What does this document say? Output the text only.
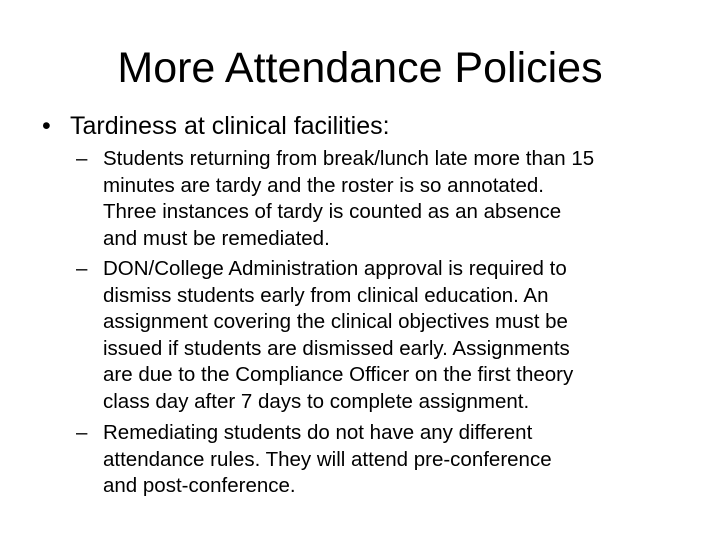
More Attendance Policies
• Tardiness at clinical facilities:
– Students returning from break/lunch late more than 15
minutes are tardy and the roster is so annotated.
Three instances of tardy is counted as an absence
and must be remediated.
– DON/College Administration approval is required to
dismiss students early from clinical education. An
assignment covering the clinical objectives must be
issued if students are dismissed early. Assignments
are due to the Compliance Officer on the first theory
class day after 7 days to complete assignment.
– Remediating students do not have any different
attendance rules. They will attend pre-conference
and post-conference.
